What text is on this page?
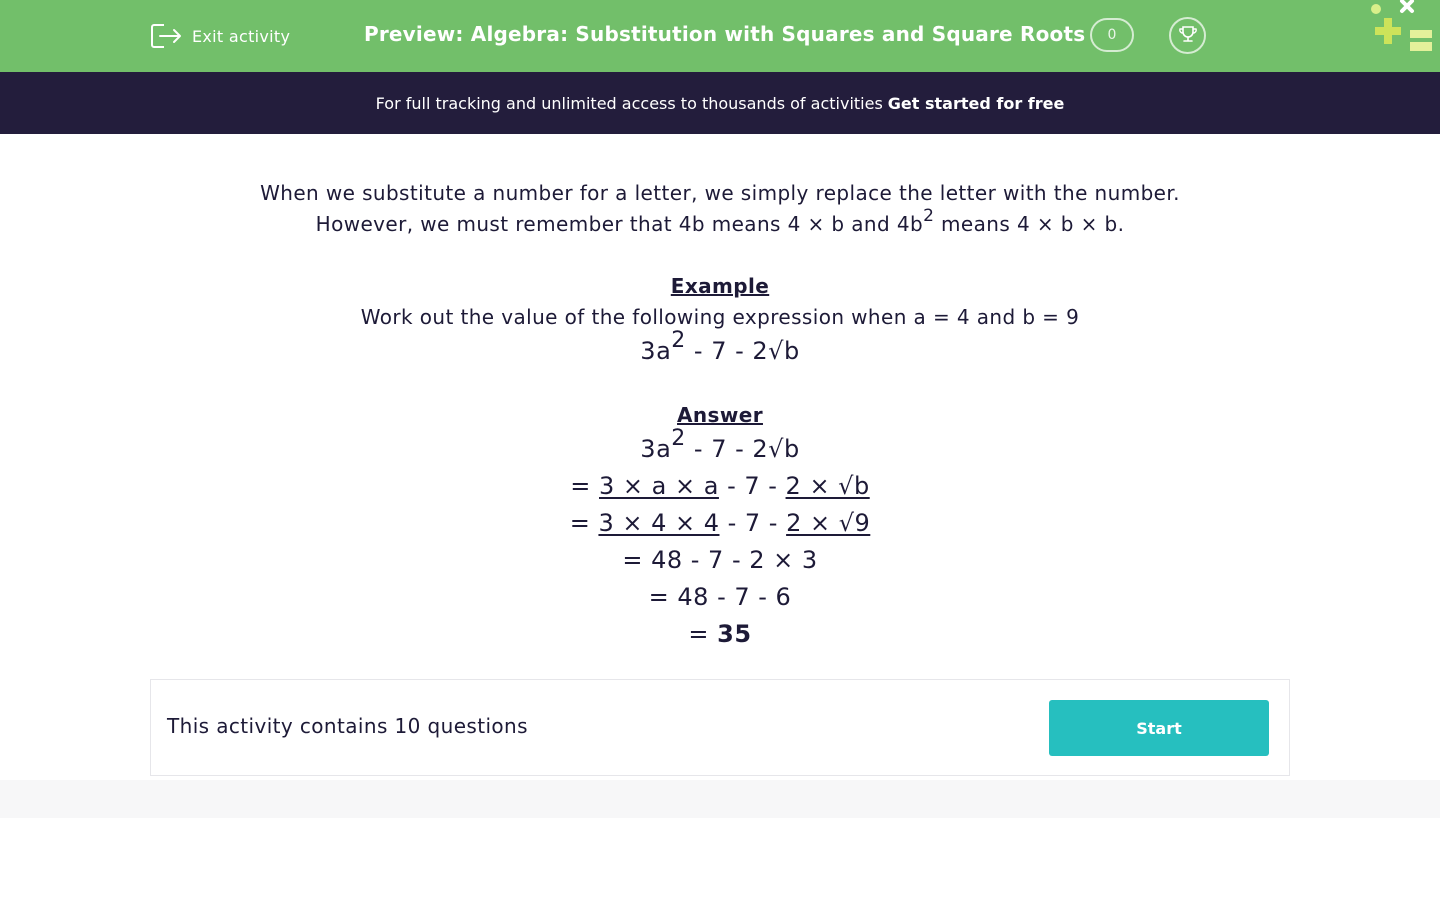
Exit activity	Preview: Algebra: Substitution with Squares and Square Roots	0
For full tracking and unlimited access to thousands of activities Get started for free

When we substitute a number for a letter, we simply replace the letter with the number.

However, we must remember that 4b means 4 × b and $4b^2$ means 4 × b × b.

Example

Work out the value of the following expression when a = 4 and b = 9

$3a^2 - 7 - 2√b$
Answer
$3a^2 - 7 - 2√b$
= 3 × a × a - 7 - 2 × √b
= 3 × 4 × 4 - 7 - 2 × √9
= 48 - 7 - 2 × 3
= 48 - 7 - 6
= 35
This activity contains 10 questions	Start
